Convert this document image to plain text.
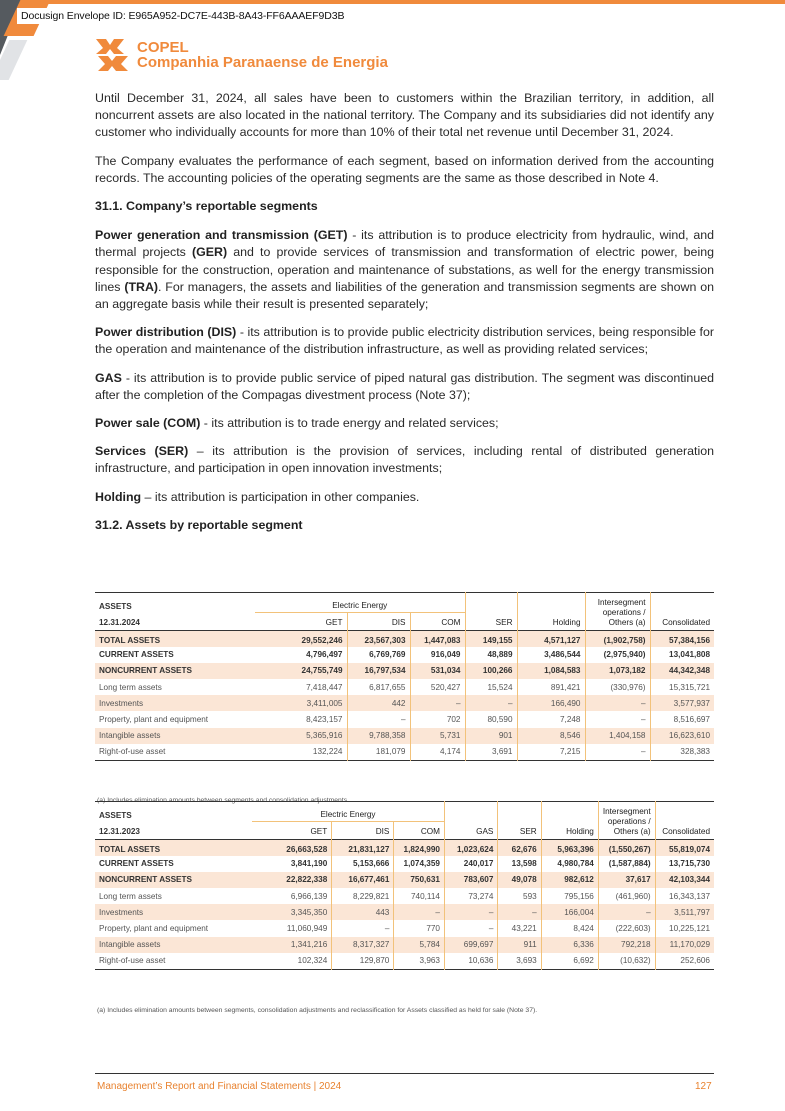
Docusign Envelope ID: E965A952-DC7E-443B-8A43-FF6AAAEF9D3B
COPEL
Companhia Paranaense de Energia

Until December 31, 2024, all sales have been to customers within the Brazilian territory, in addition, all noncurrent assets are also located in the national territory. The Company and its subsidiaries did not identify any customer who individually accounts for more than 10% of their total net revenue until December 31, 2024.

The Company evaluates the performance of each segment, based on information derived from the accounting records. The accounting policies of the operating segments are the same as those described in Note 4.

31.1. Company’s reportable segments

Power generation and transmission (GET) - its attribution is to produce electricity from hydraulic, wind, and thermal projects (GER) and to provide services of transmission and transformation of electric power, being responsible for the construction, operation and maintenance of substations, as well for the energy transmission lines (TRA). For managers, the assets and liabilities of the generation and transmission segments are shown on an aggregate basis while their result is presented separately;

Power distribution (DIS) - its attribution is to provide public electricity distribution services, being responsible for the operation and maintenance of the distribution infrastructure, as well as providing related services;

GAS - its attribution is to provide public service of piped natural gas distribution. The segment was discontinued after the completion of the Compagas divestment process (Note 37);

Power sale (COM) - its attribution is to trade energy and related services;

Services (SER) – its attribution is the provision of services, including rental of distributed generation infrastructure, and participation in open innovation investments;

Holding – its attribution is participation in other companies.

31.2. Assets by reportable segment
ASSETS	Electric Energy					Intersegment operations / Others (a)	
12.31.2024	GET	DIS	COM	SER	Holding		Consolidated
TOTAL ASSETS	29,552,246	23,567,303	1,447,083	149,155	4,571,127	(1,902,758)	57,384,156
CURRENT ASSETS	4,796,497	6,769,769	916,049	48,889	3,486,544	(2,975,940)	13,041,808
NONCURRENT ASSETS	24,755,749	16,797,534	531,034	100,266	1,084,583	1,073,182	44,342,348
Long term assets	7,418,447	6,817,655	520,427	15,524	891,421	(330,976)	15,315,721
Investments	3,411,005	442	–	–	166,490	–	3,577,937
Property, plant and equipment	8,423,157	–	702	80,590	7,248	–	8,516,697
Intangible assets	5,365,916	9,788,358	5,731	901	8,546	1,404,158	16,623,610
Right-of-use asset	132,224	181,079	4,174	3,691	7,215	–	328,383
(a) Includes elimination amounts between segments and consolidation adjustments.
ASSETS	Electric Energy						Intersegment operations / Others (a)	
12.31.2023	GET	DIS	COM	GAS	SER	Holding		Consolidated
TOTAL ASSETS	26,663,528	21,831,127	1,824,990	1,023,624	62,676	5,963,396	(1,550,267)	55,819,074
CURRENT ASSETS	3,841,190	5,153,666	1,074,359	240,017	13,598	4,980,784	(1,587,884)	13,715,730
NONCURRENT ASSETS	22,822,338	16,677,461	750,631	783,607	49,078	982,612	37,617	42,103,344
Long term assets	6,966,139	8,229,821	740,114	73,274	593	795,156	(461,960)	16,343,137
Investments	3,345,350	443	–	–	–	166,004	–	3,511,797
Property, plant and equipment	11,060,949	–	770	–	43,221	8,424	(222,603)	10,225,121
Intangible assets	1,341,216	8,317,327	5,784	699,697	911	6,336	792,218	11,170,029
Right-of-use asset	102,324	129,870	3,963	10,636	3,693	6,692	(10,632)	252,606
(a) Includes elimination amounts between segments, consolidation adjustments and reclassification for Assets classified as held for sale (Note 37).
Management’s Report and Financial Statements | 2024	127
